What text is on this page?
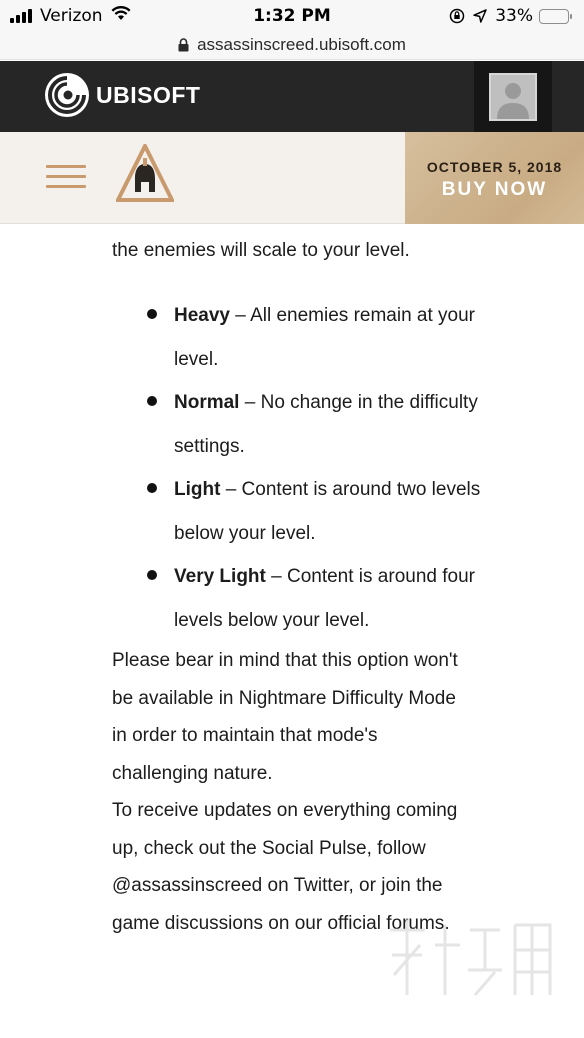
Verizon	1:32 PM	33%
assassinscreed.ubisoft.com
UBISOFT
OCTOBER 5, 2018
BUY NOW

the enemies will scale to your level.

Heavy – All enemies remain at your level.
Normal – No change in the difficulty settings.
Light – Content is around two levels below your level.
Very Light – Content is around four levels below your level.

Please bear in mind that this option won't be available in Nightmare Difficulty Mode in order to maintain that mode's challenging nature.

To receive updates on everything coming up, check out the Social Pulse, follow @assassinscreed on Twitter, or join the game discussions on our official forums.
